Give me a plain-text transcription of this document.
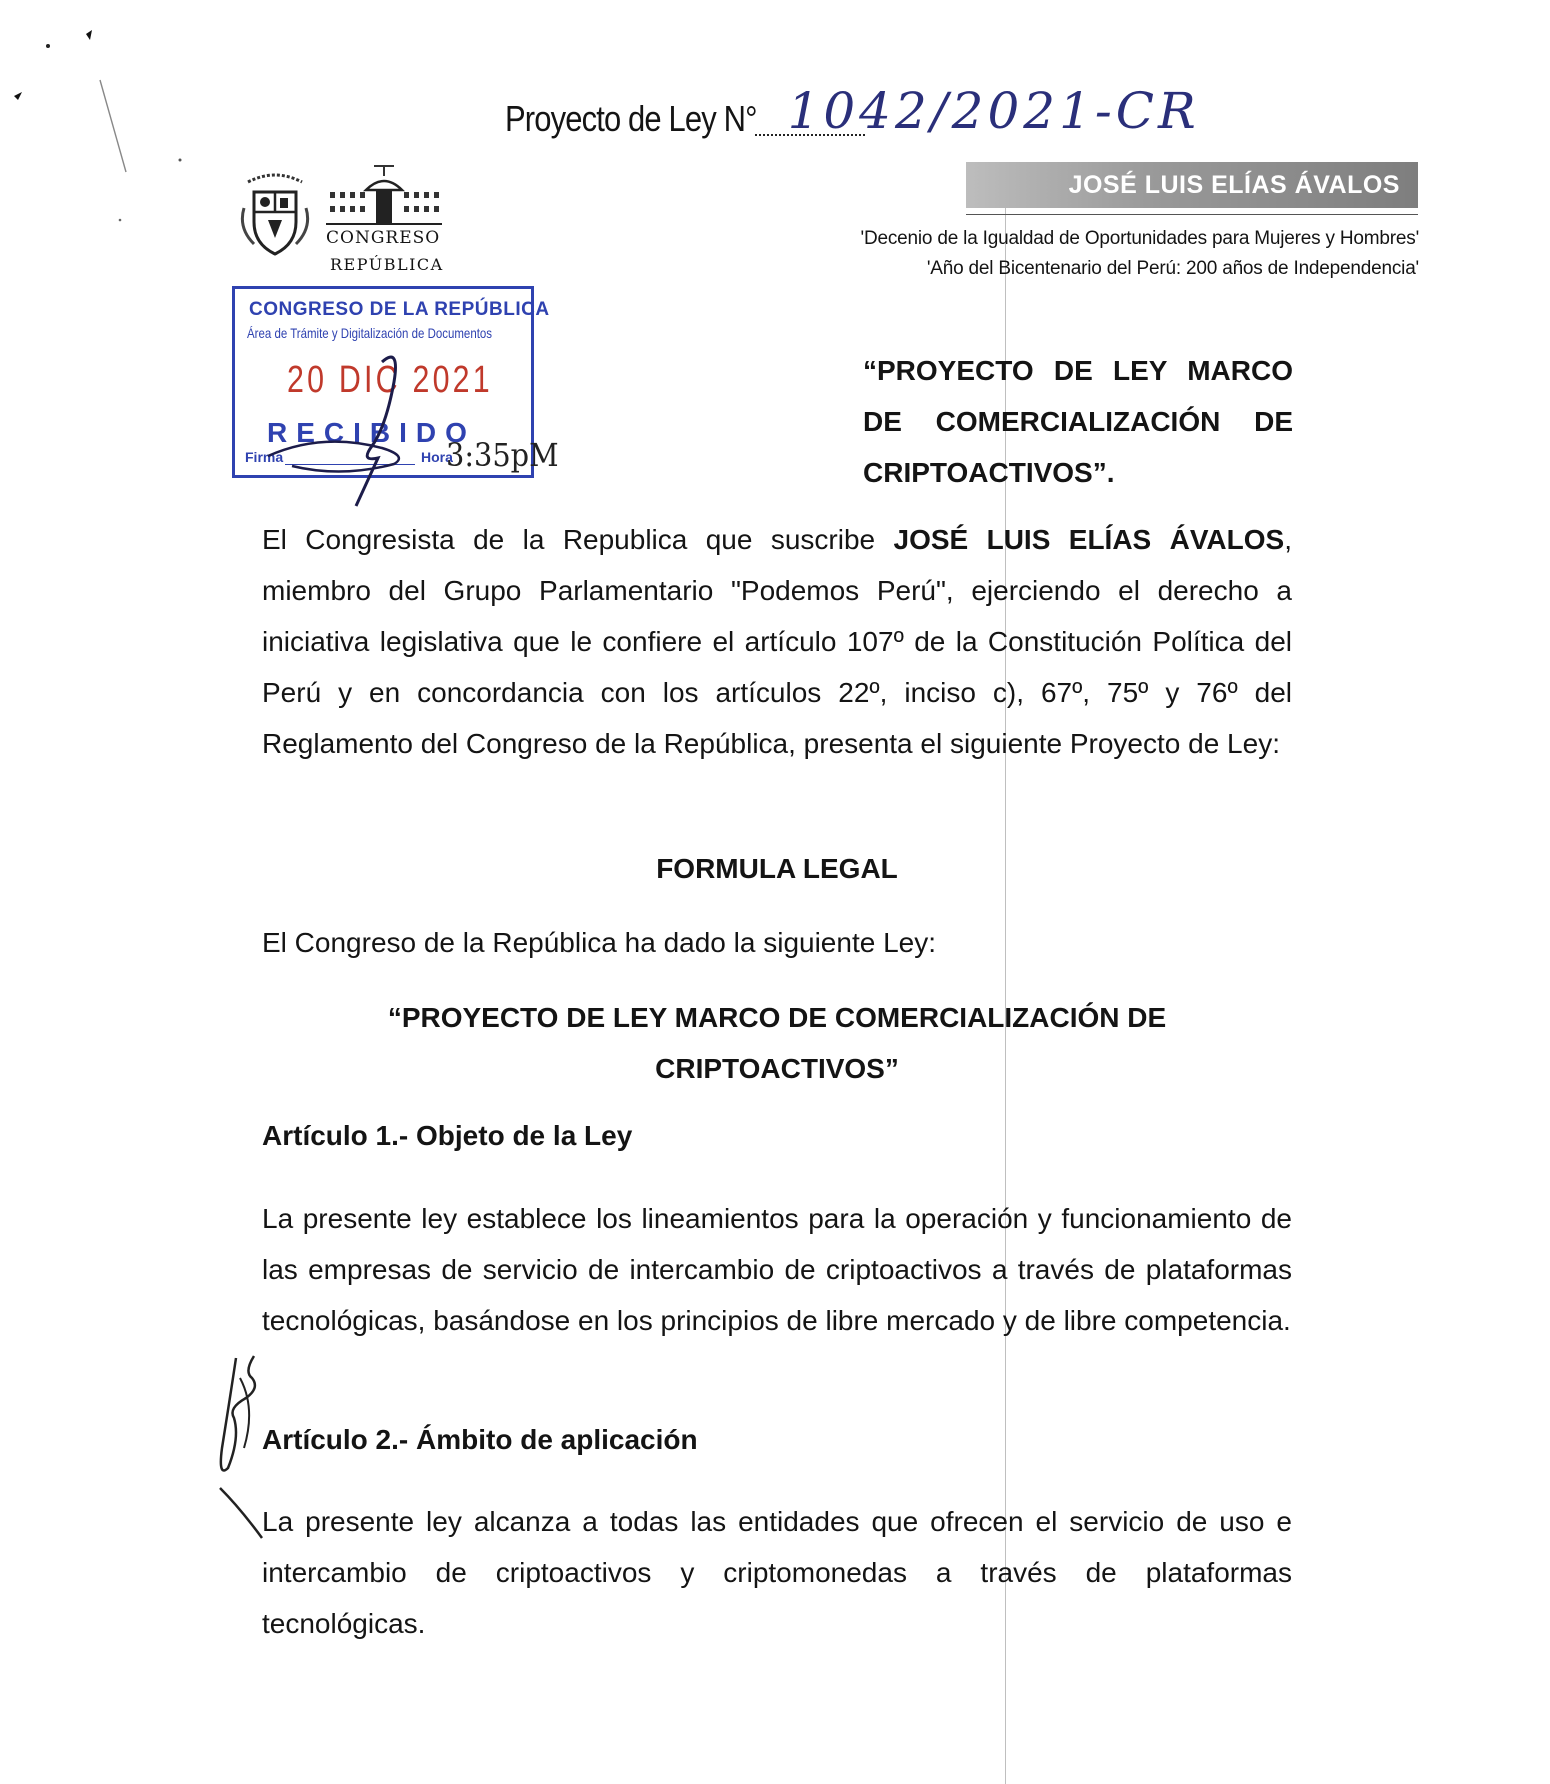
Proyecto de Ley N° 1042/2021-CR
JOSÉ LUIS ELÍAS ÁVALOS
'Decenio de la Igualdad de Oportunidades para Mujeres y Hombres'
'Año del Bicentenario del Perú: 200 años de Independencia'
CONGRESO
REPÚBLICA
CONGRESO DE LA REPÚBLICA
Área de Trámite y Digitalización de Documentos
20 DIC 2021
RECIBIDO
Firma	Hora
3:35pM
“PROYECTO DE LEY MARCO DE COMERCIALIZACIÓN DE CRIPTOACTIVOS”.
El Congresista de la Republica que suscribe JOSÉ LUIS ELÍAS ÁVALOS, miembro del Grupo Parlamentario "Podemos Perú", ejerciendo el derecho a iniciativa legislativa que le confiere el artículo 107º de la Constitución Política del Perú y en concordancia con los artículos 22º, inciso c), 67º, 75º y 76º del Reglamento del Congreso de la República, presenta el siguiente Proyecto de Ley:
FORMULA LEGAL
El Congreso de la República ha dado la siguiente Ley:
“PROYECTO DE LEY MARCO DE COMERCIALIZACIÓN DE
CRIPTOACTIVOS”
Artículo 1.- Objeto de la Ley
La presente ley establece los lineamientos para la operación y funcionamiento de las empresas de servicio de intercambio de criptoactivos a través de plataformas tecnológicas, basándose en los principios de libre mercado y de libre competencia.
Artículo 2.- Ámbito de aplicación
La presente ley alcanza a todas las entidades que ofrecen el servicio de uso e intercambio de criptoactivos y criptomonedas a través de plataformas tecnológicas.
